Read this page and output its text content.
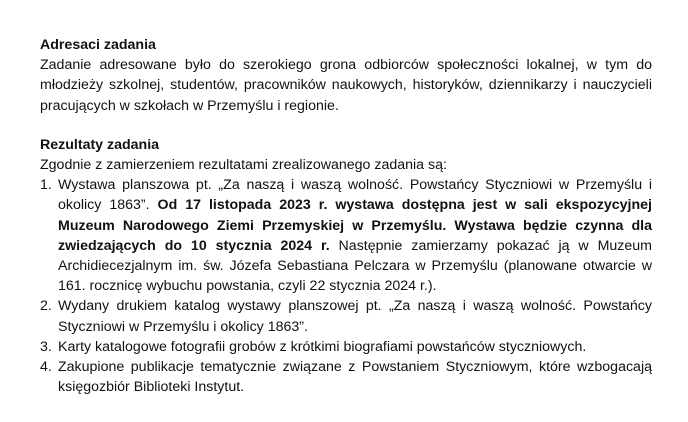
Adresaci zadania

Zadanie adresowane było do szerokiego grona odbiorców społeczności lokalnej, w tym do młodzieży szkolnej, studentów, pracowników naukowych, historyków, dziennikarzy i nauczycieli pracujących w szkołach w Przemyślu i regionie.

Rezultaty zadania

Zgodnie z zamierzeniem rezultatami zrealizowanego zadania są:

1. Wystawa planszowa pt. „Za naszą i waszą wolność. Powstańcy Styczniowi w Przemyślu i okolicy 1863”. Od 17 listopada 2023 r. wystawa dostępna jest w sali ekspozycyjnej Muzeum Narodowego Ziemi Przemyskiej w Przemyślu. Wystawa będzie czynna dla zwiedzających do 10 stycznia 2024 r. Następnie zamierzamy pokazać ją w Muzeum Archidiecezjalnym im. św. Józefa Sebastiana Pelczara w Przemyślu (planowane otwarcie w 161. rocznicę wybuchu powstania, czyli 22 stycznia 2024 r.).
2. Wydany drukiem katalog wystawy planszowej pt. „Za naszą i waszą wolność. Powstańcy Styczniowi w Przemyślu i okolicy 1863”.
3. Karty katalogowe fotografii grobów z krótkimi biografiami powstańców styczniowych.
4. Zakupione publikacje tematycznie związane z Powstaniem Styczniowym, które wzbogacają księgozbiór Biblioteki Instytut.
